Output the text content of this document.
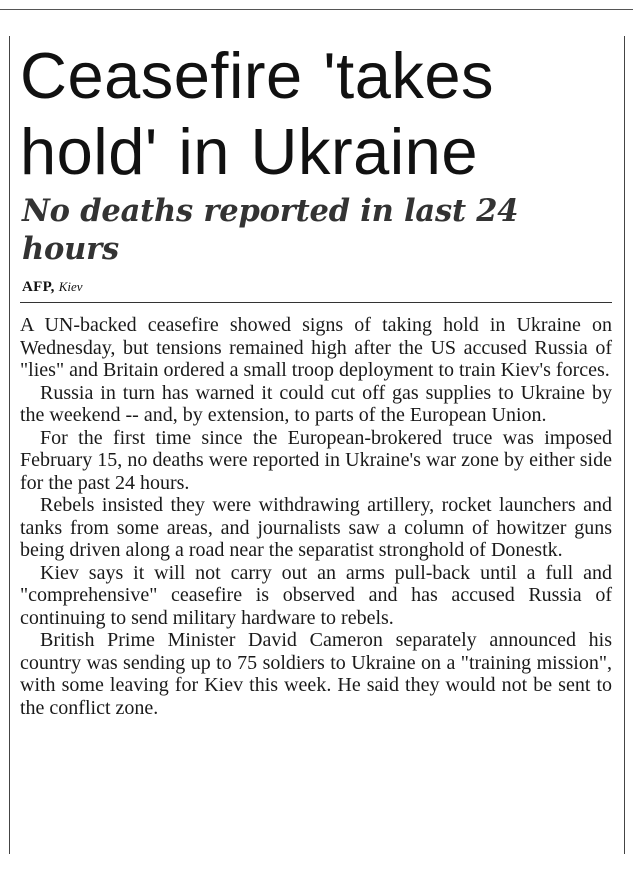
Ceasefire 'takes
hold' in Ukraine
No deaths reported in last 24 hours
AFP, Kiev

A UN-backed ceasefire showed signs of taking hold in Ukraine on Wednesday, but tensions remained high after the US accused Russia of "lies" and Britain ordered a small troop deployment to train Kiev's forces.

Russia in turn has warned it could cut off gas supplies to Ukraine by the weekend -- and, by extension, to parts of the European Union.

For the first time since the European-brokered truce was imposed February 15, no deaths were reported in Ukraine's war zone by either side for the past 24 hours.

Rebels insisted they were withdrawing artillery, rocket launchers and tanks from some areas, and journalists saw a column of howitzer guns being driven along a road near the separatist stronghold of Donestk.

Kiev says it will not carry out an arms pull-back until a full and "comprehensive" ceasefire is observed and has accused Russia of continuing to send military hardware to rebels.

British Prime Minister David Cameron separately announced his country was sending up to 75 soldiers to Ukraine on a "training mission", with some leaving for Kiev this week. He said they would not be sent to the conflict zone.
